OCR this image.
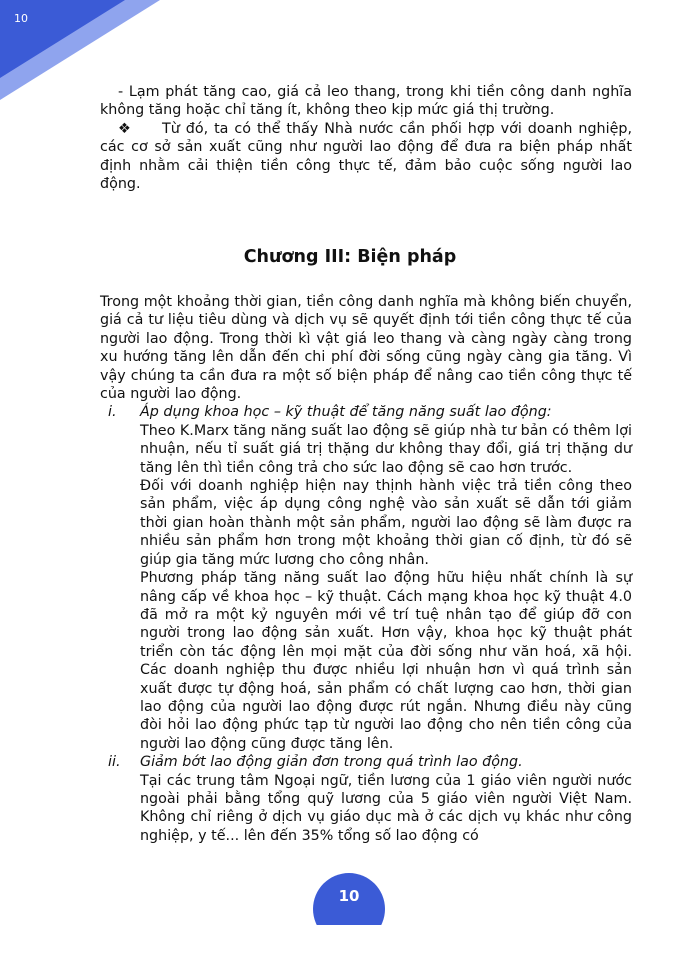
10

- Lạm phát tăng cao, giá cả leo thang, trong khi tiền công danh nghĩa không tăng hoặc chỉ tăng ít, không theo kịp mức giá thị trường.

❖ Từ đó, ta có thể thấy Nhà nước cần phối hợp với doanh nghiệp, các cơ sở sản xuất cũng như người lao động để đưa ra biện pháp nhất định nhằm cải thiện tiền công thực tế, đảm bảo cuộc sống người lao động.

Chương III: Biện pháp

Trong một khoảng thời gian, tiền công danh nghĩa mà không biến chuyển, giá cả tư liệu tiêu dùng và dịch vụ sẽ quyết định tới tiền công thực tế của người lao động. Trong thời kì vật giá leo thang và càng ngày càng trong xu hướng tăng lên dẫn đến chi phí đời sống cũng ngày càng gia tăng. Vì vậy chúng ta cần đưa ra một số biện pháp để nâng cao tiền công thực tế của người lao động.

i. Áp dụng khoa học – kỹ thuật để tăng năng suất lao động:

Theo K.Marx tăng năng suất lao động sẽ giúp nhà tư bản có thêm lợi nhuận, nếu tỉ suất giá trị thặng dư không thay đổi, giá trị thặng dư tăng lên thì tiền công trả cho sức lao động sẽ cao hơn trước.

Đối với doanh nghiệp hiện nay thịnh hành việc trả tiền công theo sản phẩm, việc áp dụng công nghệ vào sản xuất sẽ dẫn tới giảm thời gian hoàn thành một sản phẩm, người lao động sẽ làm được ra nhiều sản phẩm hơn trong một khoảng thời gian cố định, từ đó sẽ giúp gia tăng mức lương cho công nhân.

Phương pháp tăng năng suất lao động hữu hiệu nhất chính là sự nâng cấp về khoa học – kỹ thuật. Cách mạng khoa học kỹ thuật 4.0 đã mở ra một kỷ nguyên mới về trí tuệ nhân tạo để giúp đỡ con người trong lao động sản xuất. Hơn vậy, khoa học kỹ thuật phát triển còn tác động lên mọi mặt của đời sống như văn hoá, xã hội. Các doanh nghiệp thu được nhiều lợi nhuận hơn vì quá trình sản xuất được tự động hoá, sản phẩm có chất lượng cao hơn, thời gian lao động của người lao động được rút ngắn. Nhưng điều này cũng đòi hỏi lao động phức tạp từ người lao động cho nên tiền công của người lao động cũng được tăng lên.

ii. Giảm bớt lao động giản đơn trong quá trình lao động.

Tại các trung tâm Ngoại ngữ, tiền lương của 1 giáo viên người nước ngoài phải bằng tổng quỹ lương của 5 giáo viên người Việt Nam. Không chỉ riêng ở dịch vụ giáo dục mà ở các dịch vụ khác như công nghiệp, y tế... lên đến 35% tổng số lao động có

10
